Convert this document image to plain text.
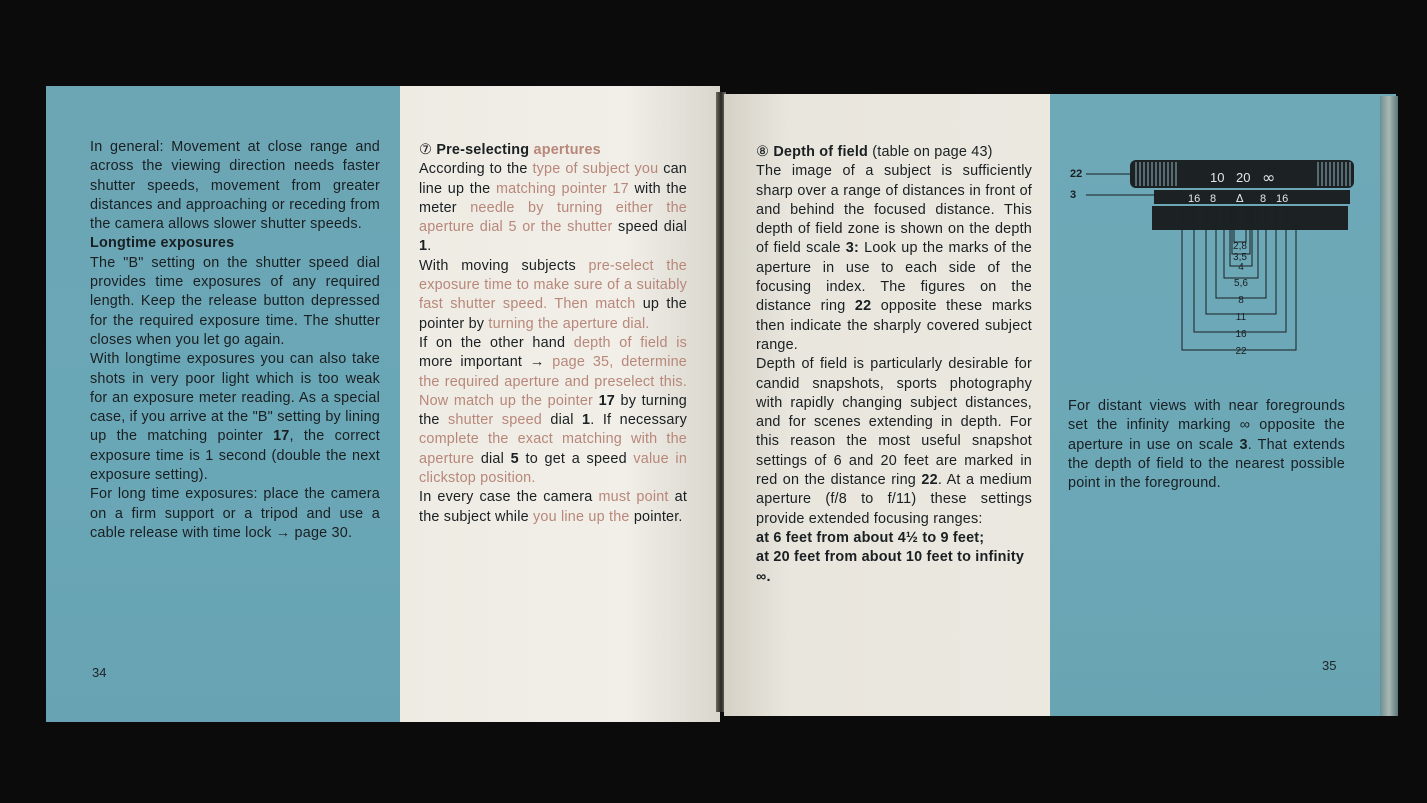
In general: Movement at close range and across the viewing direction needs faster shutter speeds, movement from greater distances and approaching or receding from the camera allows slower shutter speeds.

Longtime exposures

The "B" setting on the shutter speed dial provides time exposures of any required length. Keep the release button depressed for the required exposure time. The shutter closes when you let go again.

With longtime exposures you can also take shots in very poor light which is too weak for an exposure meter reading. As a special case, if you arrive at the "B" setting by lining up the matching pointer 17, the correct exposure time is 1 second (double the next exposure setting).

For long time exposures: place the camera on a firm support or a tripod and use a cable release with time lock → page 30.

34

⑦ Pre-selecting apertures

According to the type of subject you can line up the matching pointer 17 with the meter needle by turning either the aperture dial 5 or the shutter speed dial 1.

With moving subjects pre-select the exposure time to make sure of a suitably fast shutter speed. Then match up the pointer by turning the aperture dial.

If on the other hand depth of field is more important → page 35, determine the required aperture and preselect this. Now match up the pointer 17 by turning the shutter speed dial 1. If necessary complete the exact matching with the aperture dial 5 to get a speed value in clickstop position.

In every case the camera must point at the subject while you line up the pointer.

⑧ Depth of field (table on page 43)

The image of a subject is sufficiently sharp over a range of distances in front of and behind the focused distance. This depth of field zone is shown on the depth of field scale 3: Look up the marks of the aperture in use to each side of the focusing index. The figures on the distance ring 22 opposite these marks then indicate the sharply covered subject range.

Depth of field is particularly desirable for candid snapshots, sports photography with rapidly changing subject distances, and for scenes extending in depth. For this reason the most useful snapshot settings of 6 and 20 feet are marked in red on the distance ring 22. At a medium aperture (f/8 to f/11) these settings provide extended focusing ranges:

at 6 feet from about 4½ to 9 feet;

at 20 feet from about 10 feet to infinity ∞.

22
3
10 20 ∞
16 8 Δ 8 16
2,8
3,5
4
5,6
8
11
16
22

For distant views with near foregrounds set the infinity marking ∞ opposite the aperture in use on scale 3. That extends the depth of field to the nearest possible point in the foreground.

35
